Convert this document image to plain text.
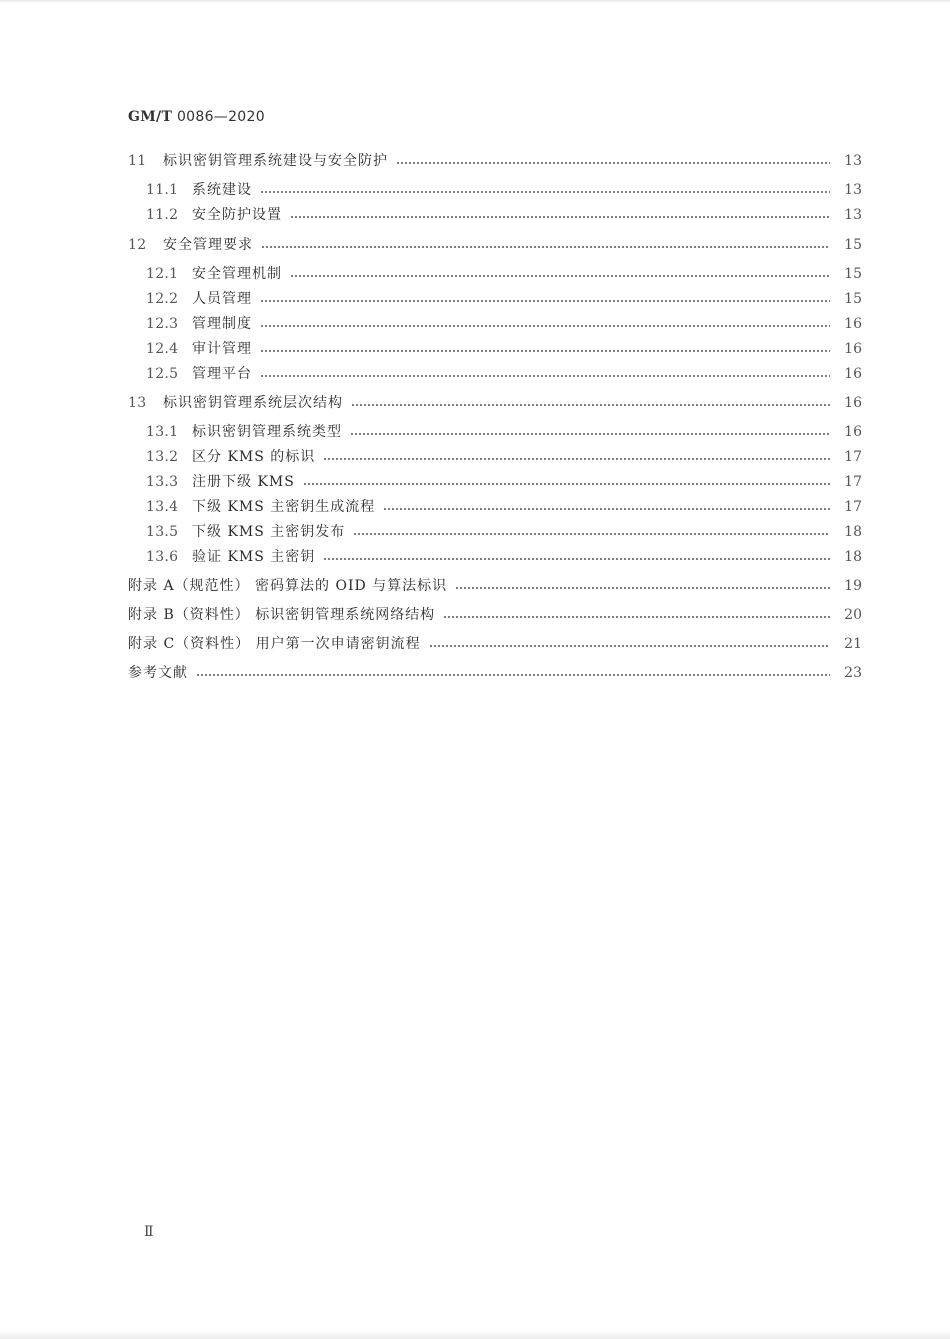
GM/T 0086—2020
11	标识密钥管理系统建设与安全防护	13
11.1 系统建设	13
11.2 安全防护设置	13
12	安全管理要求	15
12.1 安全管理机制	15
12.2 人员管理	15
12.3 管理制度	16
12.4 审计管理	16
12.5 管理平台	16
13	标识密钥管理系统层次结构	16
13.1 标识密钥管理系统类型	16
13.2 区分 KMS 的标识	17
13.3 注册下级 KMS	17
13.4 下级 KMS 主密钥生成流程	17
13.5 下级 KMS 主密钥发布	18
13.6 验证 KMS 主密钥	18
附录 A（规范性） 密码算法的 OID 与算法标识	19
附录 B（资料性） 标识密钥管理系统网络结构	20
附录 C（资料性） 用户第一次申请密钥流程	21
参考文献	23
Ⅱ
